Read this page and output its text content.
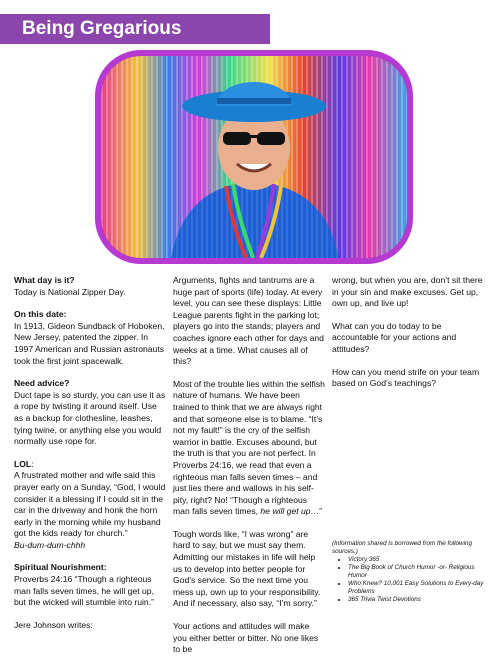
Being Gregarious

What day is it?
Today is National Zipper Day.

On this date:
In 1913, Gideon Sundback of Hoboken, New Jersey, patented the zipper. In 1997 American and Russian astronauts took the first joint spacewalk.

Need advice?
Duct tape is so sturdy, you can use it as a rope by twisting it around itself. Use as a backup for clothesline, leashes, tying twine, or anything else you would normally use rope for.

LOL:
A frustrated mother and wife said this prayer early on a Sunday, “God, I would consider it a blessing if I could sit in the car in the driveway and honk the horn early in the morning while my husband got the kids ready for church.”
Bu-dum-dum-chhh

Spiritual Nourishment:
Proverbs 24:16 “Though a righteous man falls seven times, he will get up, but the wicked will stumble into ruin.”

Jere Johnson writes:

Arguments, fights and tantrums are a huge part of sports (life) today. At every level, you can see these displays: Little League parents fight in the parking lot; players go into the stands; players and coaches ignore each other for days and weeks at a time. What causes all of this?

Most of the trouble lies within the selfish nature of humans. We have been trained to think that we are always right and that someone else is to blame. “It’s not my fault!” is the cry of the selfish warrior in battle. Excuses abound, but the truth is that you are not perfect. In Proverbs 24:16, we read that even a righteous man falls seven times – and just lies there and wallows in his self-pity, right? No! “Though a righteous man falls seven times, he will get up…”

Tough words like, “I was wrong” are hard to say, but we must say them. Admitting our mistakes in life will help us to develop into better people for God’s service. So the next time you mess up, own up to your responsibility. And if necessary, also say, “I’m sorry.”

Your actions and attitudes will make you either better or bitter. No one likes to be

wrong, but when you are, don’t sit there in your sin and make excuses. Get up, own up, and live up!

What can you do today to be accountable for your actions and attitudes?

How can you mend strife on your team based on God’s teachings?

(Information shared is borrowed from the following sources.)
• Victory 365
• The Big Book of Church Humor -or- Religious Humor
• Who Knew? 10,001 Easy Solutions to Every-day Problems
• 365 Trivia Twist Devotions
